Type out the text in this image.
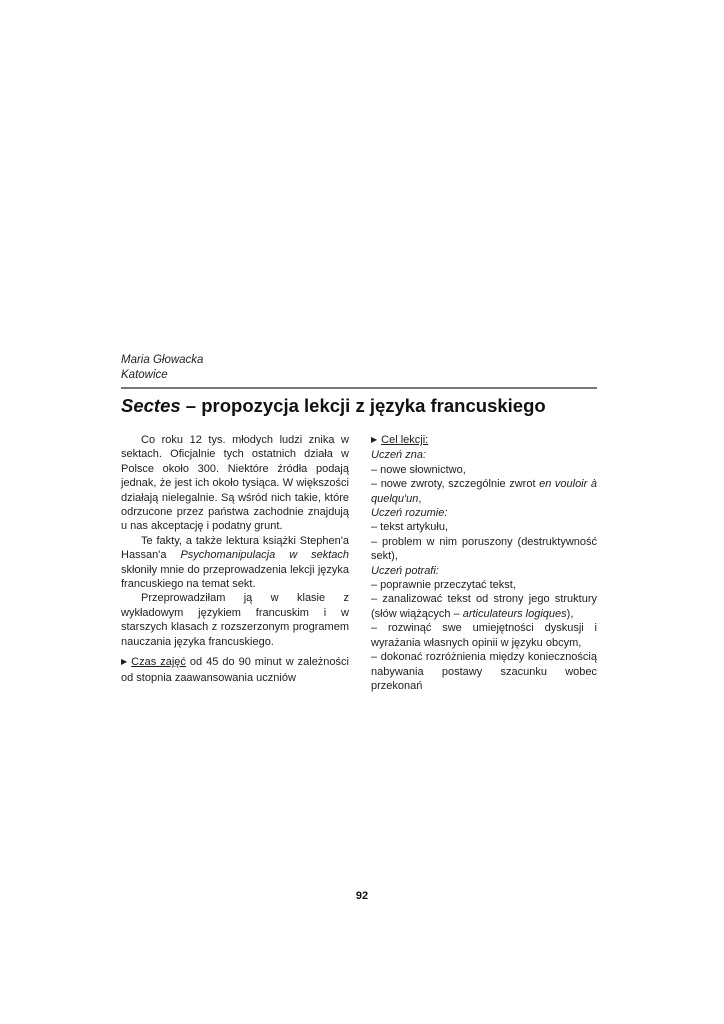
Maria Głowacka
Katowice
Sectes – propozycja lekcji z języka francuskiego

Co roku 12 tys. młodych ludzi znika w sektach. Oficjalnie tych ostatnich działa w Polsce około 300. Niektóre źródła podają jednak, że jest ich około tysiąca. W większości działają nielegalnie. Są wśród nich takie, które odrzucone przez państwa zachodnie znajdują u nas akceptację i podatny grunt.

Te fakty, a także lektura książki Stephen'a Hassan'a Psychomanipulacja w sektach skłoniły mnie do przeprowadzenia lekcji języka francuskiego na temat sekt.

Przeprowadziłam ją w klasie z wykładowym językiem francuskim i w starszych klasach z rozszerzonym programem nauczania języka francuskiego.

▶ Czas zajęć od 45 do 90 minut w zależności od stopnia zaawansowania uczniów

▶ Cel lekcji:

Uczeń zna:

– nowe słownictwo,

– nowe zwroty, szczególnie zwrot en vouloir à quelqu'un,

Uczeń rozumie:

– tekst artykułu,

– problem w nim poruszony (destruktywność sekt),

Uczeń potrafi:

– poprawnie przeczytać tekst,

– zanalizować tekst od strony jego struktury (słów wiążących – articulateurs logiques),

– rozwinąć swe umiejętności dyskusji i wyrażania własnych opinii w języku obcym,

– dokonać rozróżnienia między koniecznością nabywania postawy szacunku wobec przekonań

92
